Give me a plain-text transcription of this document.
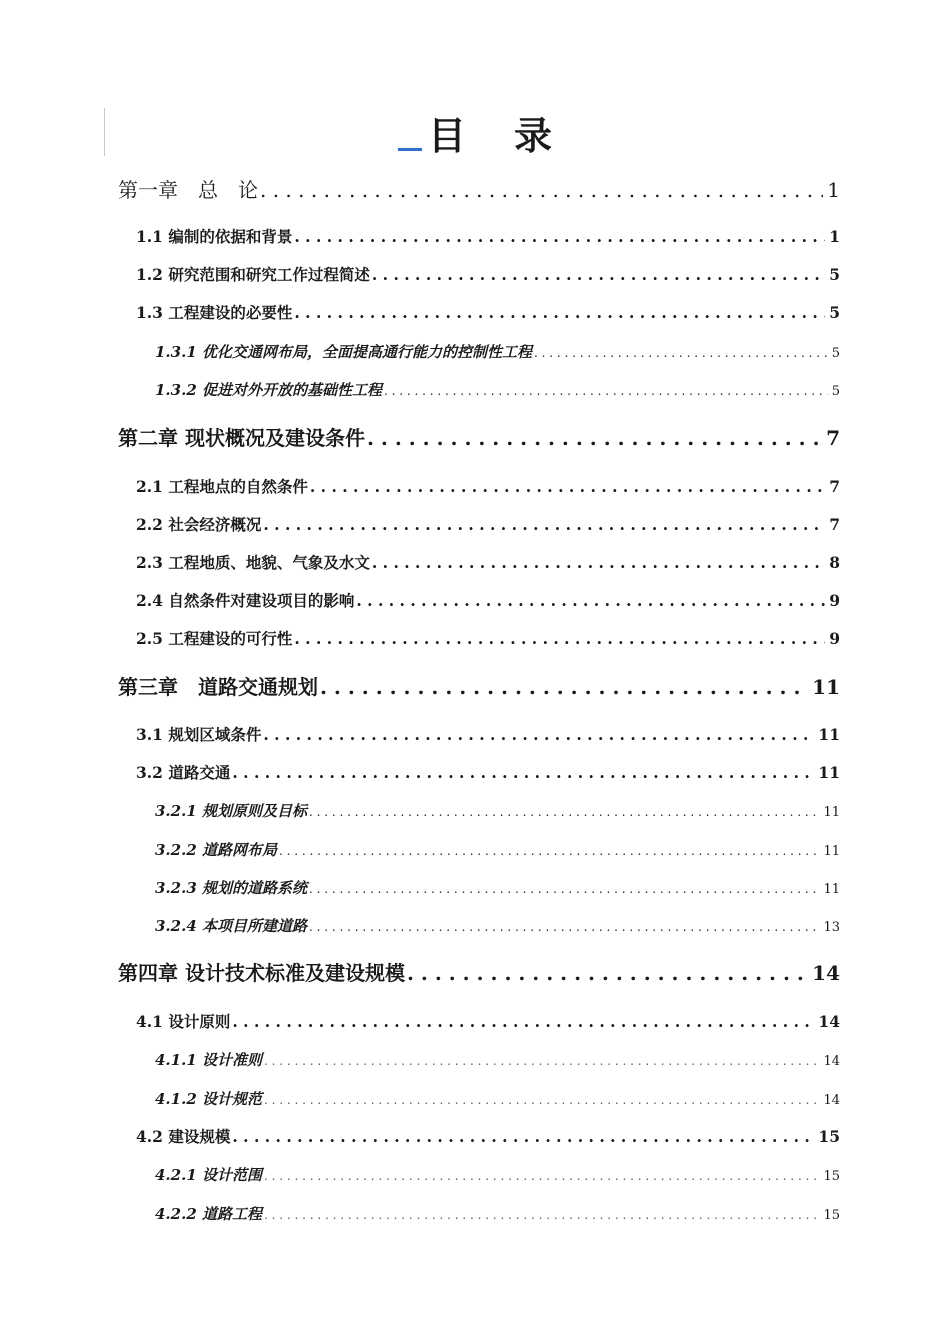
目 录
第一章　总　论 . . .	1
1.1 编制的依据和背景 . . .	1
1.2 研究范围和研究工作过程简述 . . .	5
1.3 工程建设的必要性 . . .	5
1.3.1 优化交通网布局，全面提高通行能力的控制性工程 . . .	5
1.3.2 促进对外开放的基础性工程 . . .	5
第二章 现状概况及建设条件 . . .	7
2.1 工程地点的自然条件 . . .	7
2.2 社会经济概况 . . .	7
2.3 工程地质、地貌、气象及水文 . . .	8
2.4 自然条件对建设项目的影响 . . .	9
2.5 工程建设的可行性 . . .	9
第三章　道路交通规划 . . .	11
3.1 规划区域条件 . . .	11
3.2 道路交通 . . .	11
3.2.1 规划原则及目标 . . .	11
3.2.2 道路网布局 . . .	11
3.2.3 规划的道路系统 . . .	11
3.2.4 本项目所建道路 . . .	13
第四章 设计技术标准及建设规模 . . .	14
4.1 设计原则 . . .	14
4.1.1 设计准则 . . .	14
4.1.2 设计规范 . . .	14
4.2 建设规模 . . .	15
4.2.1 设计范围 . . .	15
4.2.2 道路工程 . . .	15
